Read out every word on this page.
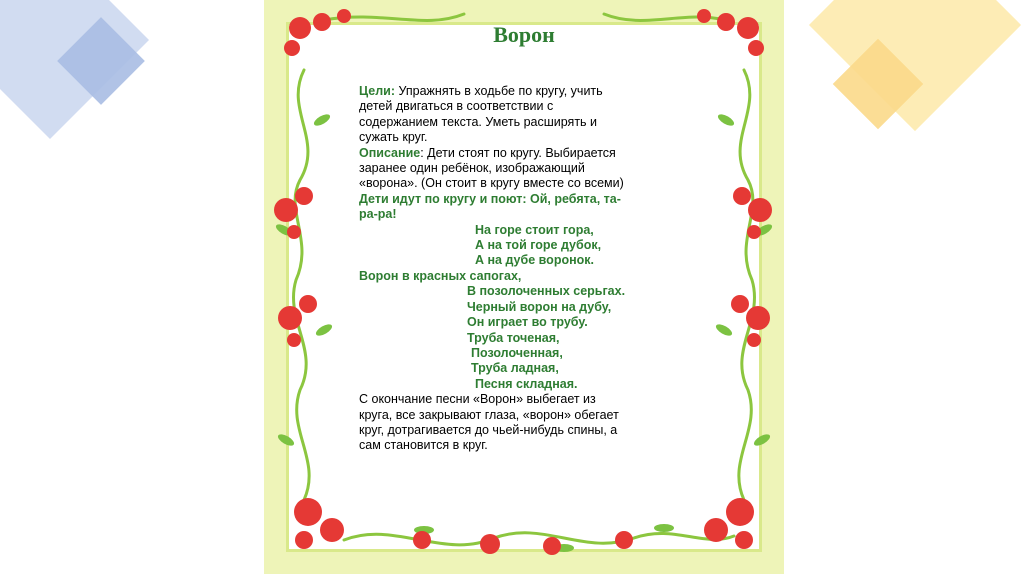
Ворон

Цели: Упражнять в ходьбе по кругу, учить

детей двигаться в соответствии с

содержанием текста. Уметь расширять и

сужать круг.

Описание: Дети стоят по кругу. Выбирается

заранее один ребёнок, изображающий

«ворона». (Он стоит в кругу вместе со всеми)

Дети идут по кругу и поют: Ой, ребята, та-

ра-ра!

На горе стоит гора,

А на той горе дубок,

А на дубе воронок.

Ворон в красных сапогах,

В позолоченных серьгах.

Черный ворон на дубу,

Он играет во трубу.

Труба точеная,

Позолоченная,

Труба ладная,

Песня складная.

С окончание песни «Ворон» выбегает из

круга, все закрывают глаза, «ворон» обегает

круг, дотрагивается до чьей-нибудь спины, а

сам становится в круг.
